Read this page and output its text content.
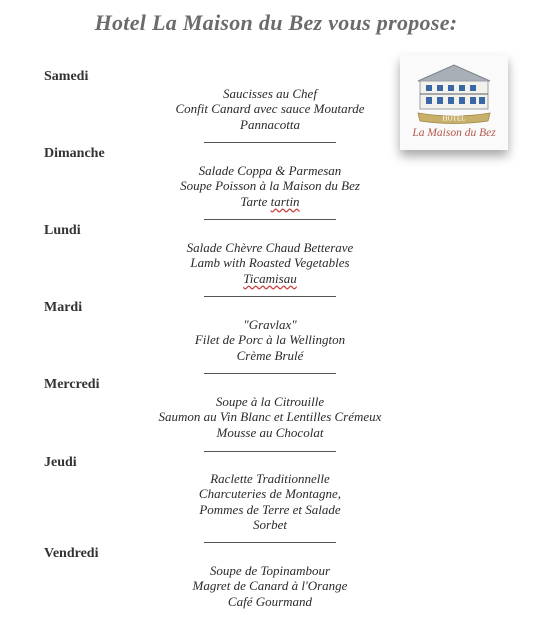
Hotel La Maison du Bez vous propose:
HOTEL
La Maison du Bez
Samedi
Saucisses au Chef
Confit Canard avec sauce Moutarde
Pannacotta
Dimanche
Salade Coppa & Parmesan
Soupe Poisson à la Maison du Bez
Tarte tartin
Lundi
Salade Chèvre Chaud Betterave
Lamb with Roasted Vegetables
Ticamisau
Mardi
"Gravlax"
Filet de Porc à la Wellington
Crème Brulé
Mercredi
Soupe à la Citrouille
Saumon au Vin Blanc et Lentilles Crémeux
Mousse au Chocolat
Jeudi
Raclette Traditionnelle
Charcuteries de Montagne,
Pommes de Terre et Salade
Sorbet
Vendredi
Soupe de Topinambour
Magret de Canard à l'Orange
Café Gourmand
